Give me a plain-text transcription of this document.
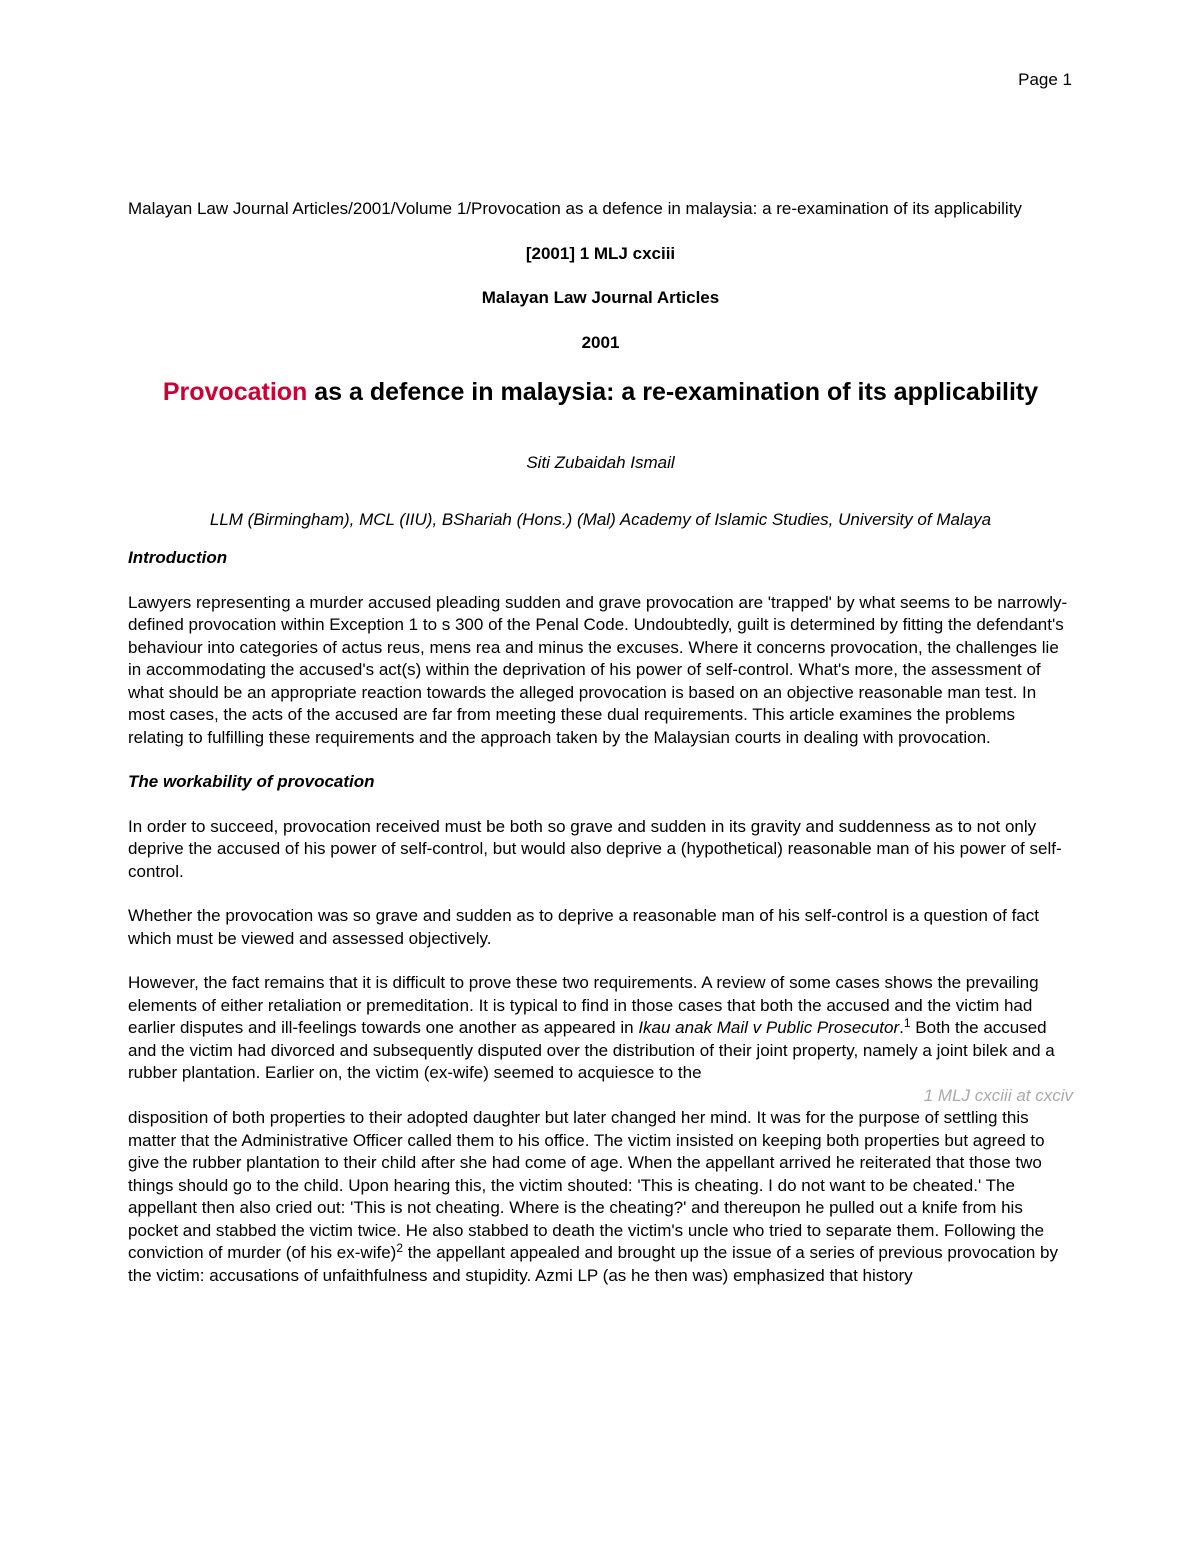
Page 1

Malayan Law Journal Articles/2001/Volume 1/Provocation as a defence in malaysia: a re-examination of its applicability

[2001] 1 MLJ cxciii

Malayan Law Journal Articles

2001

Provocation as a defence in malaysia: a re-examination of its applicability

Siti Zubaidah Ismail

LLM (Birmingham), MCL (IIU), BShariah (Hons.) (Mal) Academy of Islamic Studies, University of Malaya

Introduction

Lawyers representing a murder accused pleading sudden and grave provocation are 'trapped' by what seems to be narrowly-defined provocation within Exception 1 to s 300 of the Penal Code. Undoubtedly, guilt is determined by fitting the defendant's behaviour into categories of actus reus, mens rea and minus the excuses. Where it concerns provocation, the challenges lie in accommodating the accused's act(s) within the deprivation of his power of self-control. What's more, the assessment of what should be an appropriate reaction towards the alleged provocation is based on an objective reasonable man test. In most cases, the acts of the accused are far from meeting these dual requirements. This article examines the problems relating to fulfilling these requirements and the approach taken by the Malaysian courts in dealing with provocation.

The workability of provocation

In order to succeed, provocation received must be both so grave and sudden in its gravity and suddenness as to not only deprive the accused of his power of self-control, but would also deprive a (hypothetical) reasonable man of his power of self-control.

Whether the provocation was so grave and sudden as to deprive a reasonable man of his self-control is a question of fact which must be viewed and assessed objectively.

However, the fact remains that it is difficult to prove these two requirements. A review of some cases shows the prevailing elements of either retaliation or premeditation. It is typical to find in those cases that both the accused and the victim had earlier disputes and ill-feelings towards one another as appeared in Ikau anak Mail v Public Prosecutor.$^1$ Both the accused and the victim had divorced and subsequently disputed over the distribution of their joint property, namely a joint bilek and a rubber plantation. Earlier on, the victim (ex-wife) seemed to acquiesce to the

1 MLJ cxciii at cxciv

disposition of both properties to their adopted daughter but later changed her mind. It was for the purpose of settling this matter that the Administrative Officer called them to his office. The victim insisted on keeping both properties but agreed to give the rubber plantation to their child after she had come of age. When the appellant arrived he reiterated that those two things should go to the child. Upon hearing this, the victim shouted: 'This is cheating. I do not want to be cheated.' The appellant then also cried out: 'This is not cheating. Where is the cheating?' and thereupon he pulled out a knife from his pocket and stabbed the victim twice. He also stabbed to death the victim's uncle who tried to separate them. Following the conviction of murder (of his ex-wife)$^2$ the appellant appealed and brought up the issue of a series of previous provocation by the victim: accusations of unfaithfulness and stupidity. Azmi LP (as he then was) emphasized that history
